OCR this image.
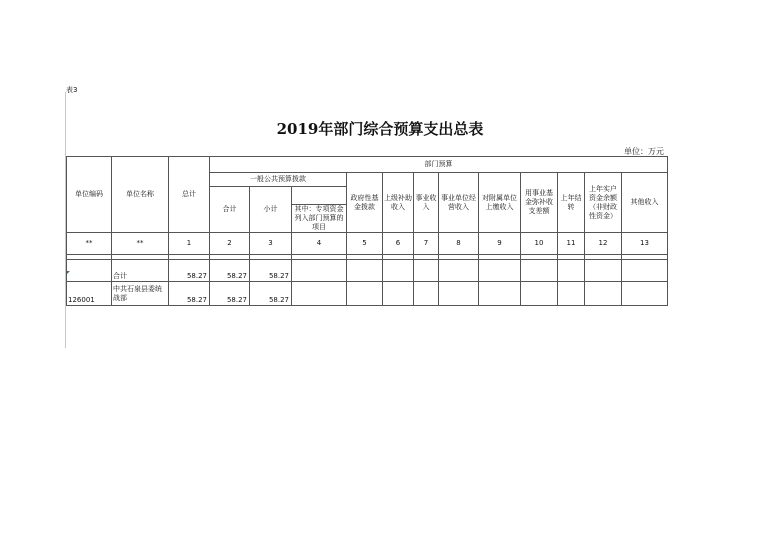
表3
2019年部门综合预算支出总表
单位：万元
单位编码	单位名称	总计	部门预算											
			一般公共预算拨款			政府性基金拨款	上级补助收入	事业收入	事业单位经营收入	对附属单位上缴收入	用事业基金弥补收支差额	上年结转	上年实户资金余额（非财政性资金）	其他收入
			合计	小计										
					其中：专项资金列入部门预算的项目									
**	**	1	2	3	4	5	6	7	8	9	10	11	12	13

	合计	58.27	58.27	58.27										
126001	中共石泉县委统战部	58.27	58.27	58.27										
